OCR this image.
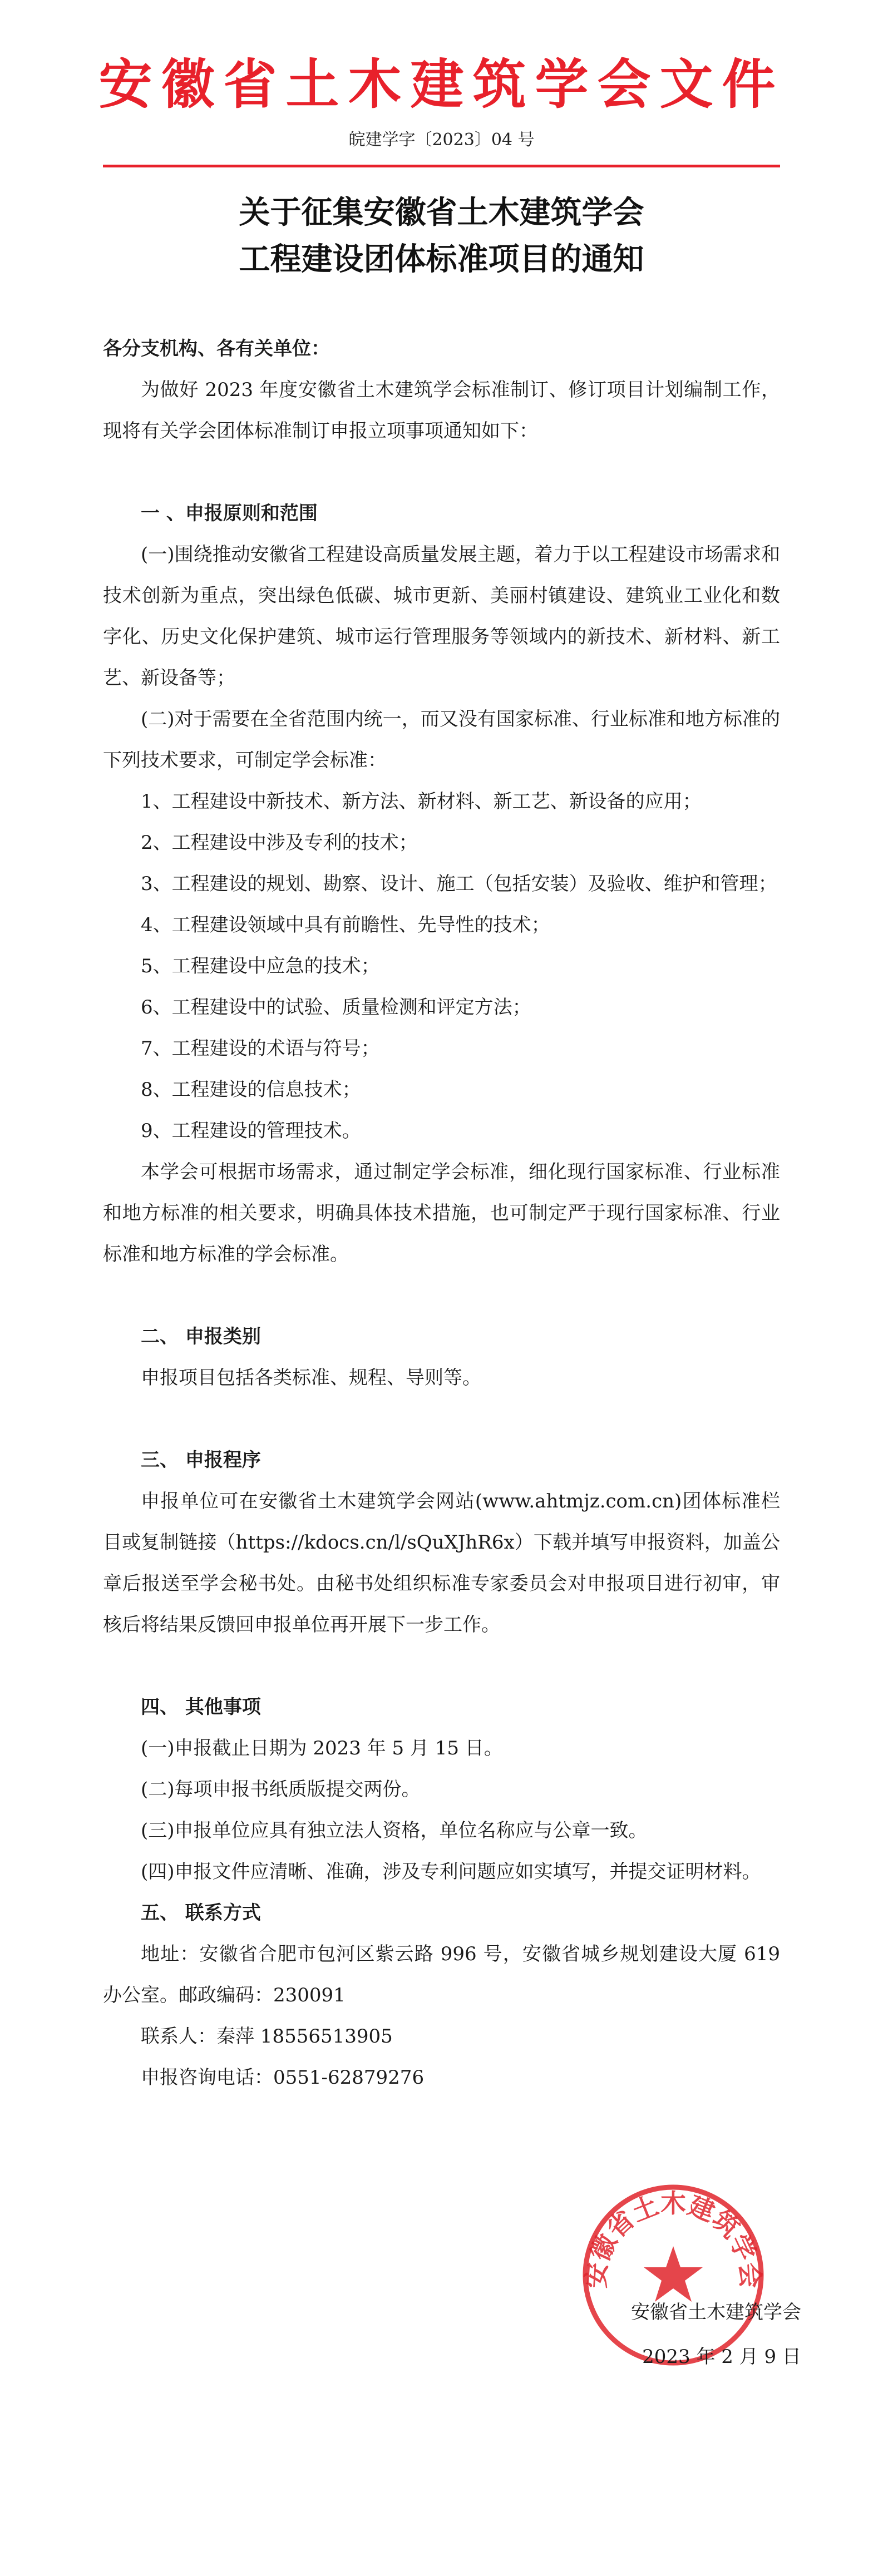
安徽省土木建筑学会文件
皖建学字〔2023〕04 号
关于征集安徽省土木建筑学会
工程建设团体标准项目的通知

各分支机构、各有关单位：

为做好 2023 年度安徽省土木建筑学会标准制订、修订项目计划编制工作，现将有关学会团体标准制订申报立项事项通知如下：

一 、申报原则和范围

(一)围绕推动安徽省工程建设高质量发展主题，着力于以工程建设市场需求和技术创新为重点，突出绿色低碳、城市更新、美丽村镇建设、建筑业工业化和数字化、历史文化保护建筑、城市运行管理服务等领域内的新技术、新材料、新工艺、新设备等；

(二)对于需要在全省范围内统一，而又没有国家标准、行业标准和地方标准的下列技术要求，可制定学会标准：

1、工程建设中新技术、新方法、新材料、新工艺、新设备的应用；

2、工程建设中涉及专利的技术；

3、工程建设的规划、勘察、设计、施工（包括安装）及验收、维护和管理；

4、工程建设领域中具有前瞻性、先导性的技术；

5、工程建设中应急的技术；

6、工程建设中的试验、质量检测和评定方法；

7、工程建设的术语与符号；

8、工程建设的信息技术；

9、工程建设的管理技术。

本学会可根据市场需求，通过制定学会标准，细化现行国家标准、行业标准和地方标准的相关要求，明确具体技术措施，也可制定严于现行国家标准、行业标准和地方标准的学会标准。

二、 申报类别

申报项目包括各类标准、规程、导则等。

三、 申报程序

申报单位可在安徽省土木建筑学会网站(www.ahtmjz.com.cn)团体标准栏目或复制链接（https://kdocs.cn/l/sQuXJhR6x）下载并填写申报资料，加盖公章后报送至学会秘书处。由秘书处组织标准专家委员会对申报项目进行初审，审核后将结果反馈回申报单位再开展下一步工作。

四、 其他事项

(一)申报截止日期为 2023 年 5 月 15 日。

(二)每项申报书纸质版提交两份。

(三)申报单位应具有独立法人资格，单位名称应与公章一致。

(四)申报文件应清晰、准确，涉及专利问题应如实填写，并提交证明材料。

五、 联系方式

地址：安徽省合肥市包河区紫云路 996 号，安徽省城乡规划建设大厦 619 办公室。邮政编码：230091

联系人：秦萍 18556513905

申报咨询电话：0551-62879276

安徽省土木建筑学会
安徽省土木建筑学会
2023 年 2 月 9 日
